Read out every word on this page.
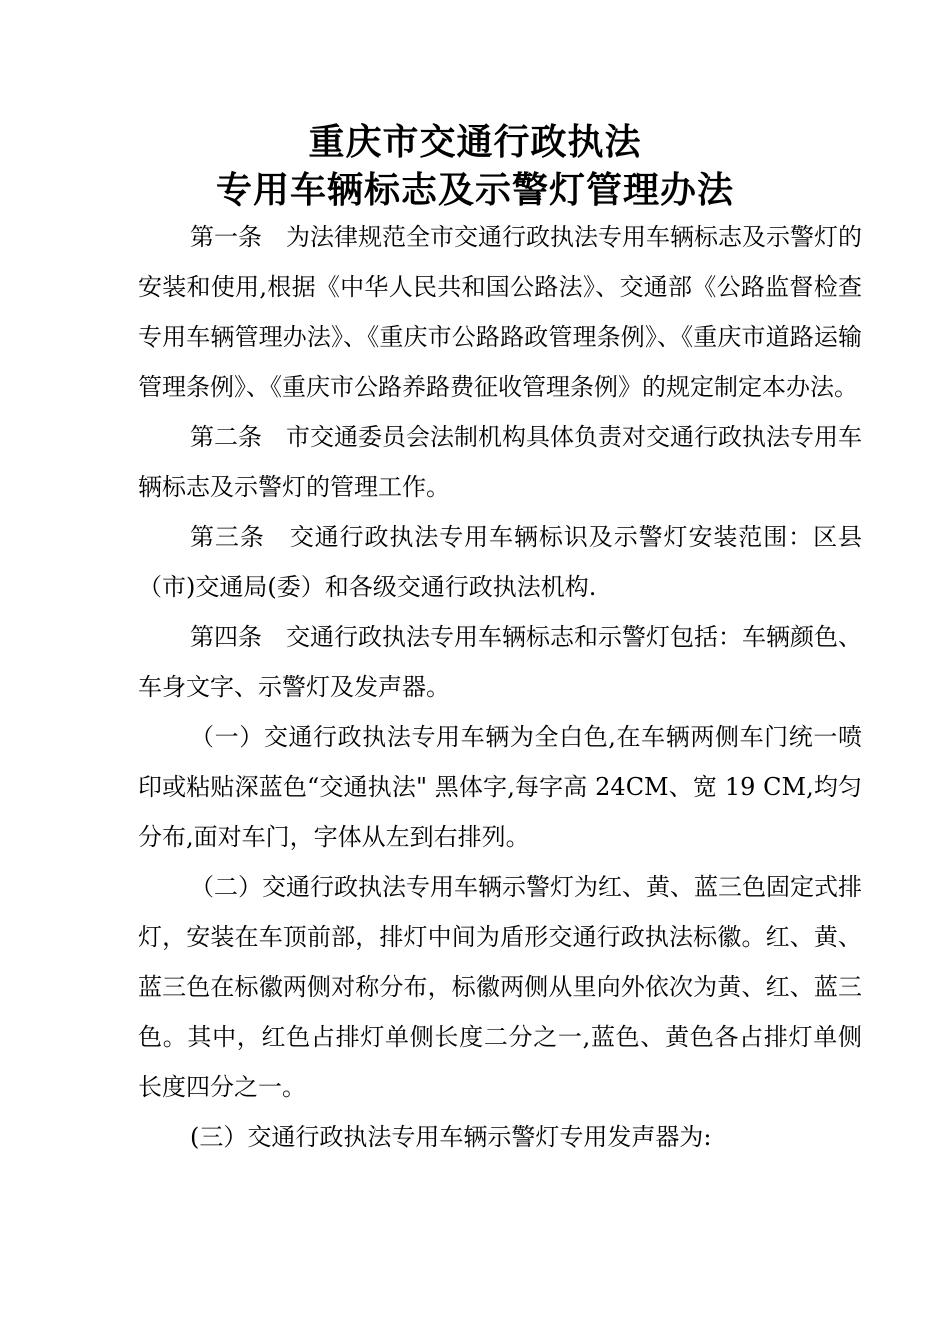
重庆市交通行政执法
专用车辆标志及示警灯管理办法

第一条　为法律规范全市交通行政执法专用车辆标志及示警灯的安装和使用,根据《中华人民共和国公路法》、交通部《公路监督检查专用车辆管理办法》、《重庆市公路路政管理条例》、《重庆市道路运输管理条例》、《重庆市公路养路费征收管理条例》的规定制定本办法。

第二条　市交通委员会法制机构具体负责对交通行政执法专用车辆标志及示警灯的管理工作。

第三条　交通行政执法专用车辆标识及示警灯安装范围：区县（市)交通局(委）和各级交通行政执法机构.

第四条　交通行政执法专用车辆标志和示警灯包括：车辆颜色、车身文字、示警灯及发声器。

（一）交通行政执法专用车辆为全白色,在车辆两侧车门统一喷印或粘贴深蓝色“交通执法" 黑体字,每字高 24CM、宽 19 CM,均匀分布,面对车门，字体从左到右排列。

（二）交通行政执法专用车辆示警灯为红、黄、蓝三色固定式排灯，安装在车顶前部，排灯中间为盾形交通行政执法标徽。红、黄、蓝三色在标徽两侧对称分布，标徽两侧从里向外依次为黄、红、蓝三色。其中，红色占排灯单侧长度二分之一,蓝色、黄色各占排灯单侧长度四分之一。

(三）交通行政执法专用车辆示警灯专用发声器为:
